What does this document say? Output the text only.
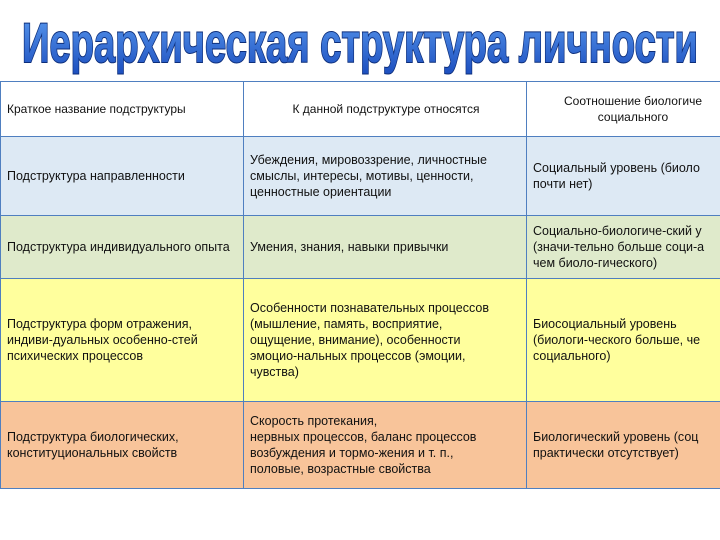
Иерархическая структура личности
Краткое название подструктуры	К данной подструктуре относятся	Соотношение биологиче
социального

Подструктура направленности	Убеждения, мировоззрение, личностные
смыслы, интересы, мотивы, ценности,
ценностные ориентации	Социальный уровень (биоло
почти нет)

Подструктура индивидуального опыта	Умения, знания, навыки привычки	Социально-биологиче-ский у
(значи-тельно больше соци-а
чем биоло-гического)

Подструктура форм отражения, индиви-дуальных особенно-стей психических процессов	Особенности познавательных процессов
(мышление, память, восприятие,
ощущение, внимание), особенности
эмоцио-нальных процессов (эмоции,
чувства)	Биосоциальный уровень
(биологи-ческого больше, че
социального)

Подструктура биологических, конституциональных свойств	Скорость протекания,
нервных процессов, баланс процессов
возбуждения и тормо-жения и т. п.,
половые, возрастные свойства	Биологический уровень (соц
практически отсутствует)
